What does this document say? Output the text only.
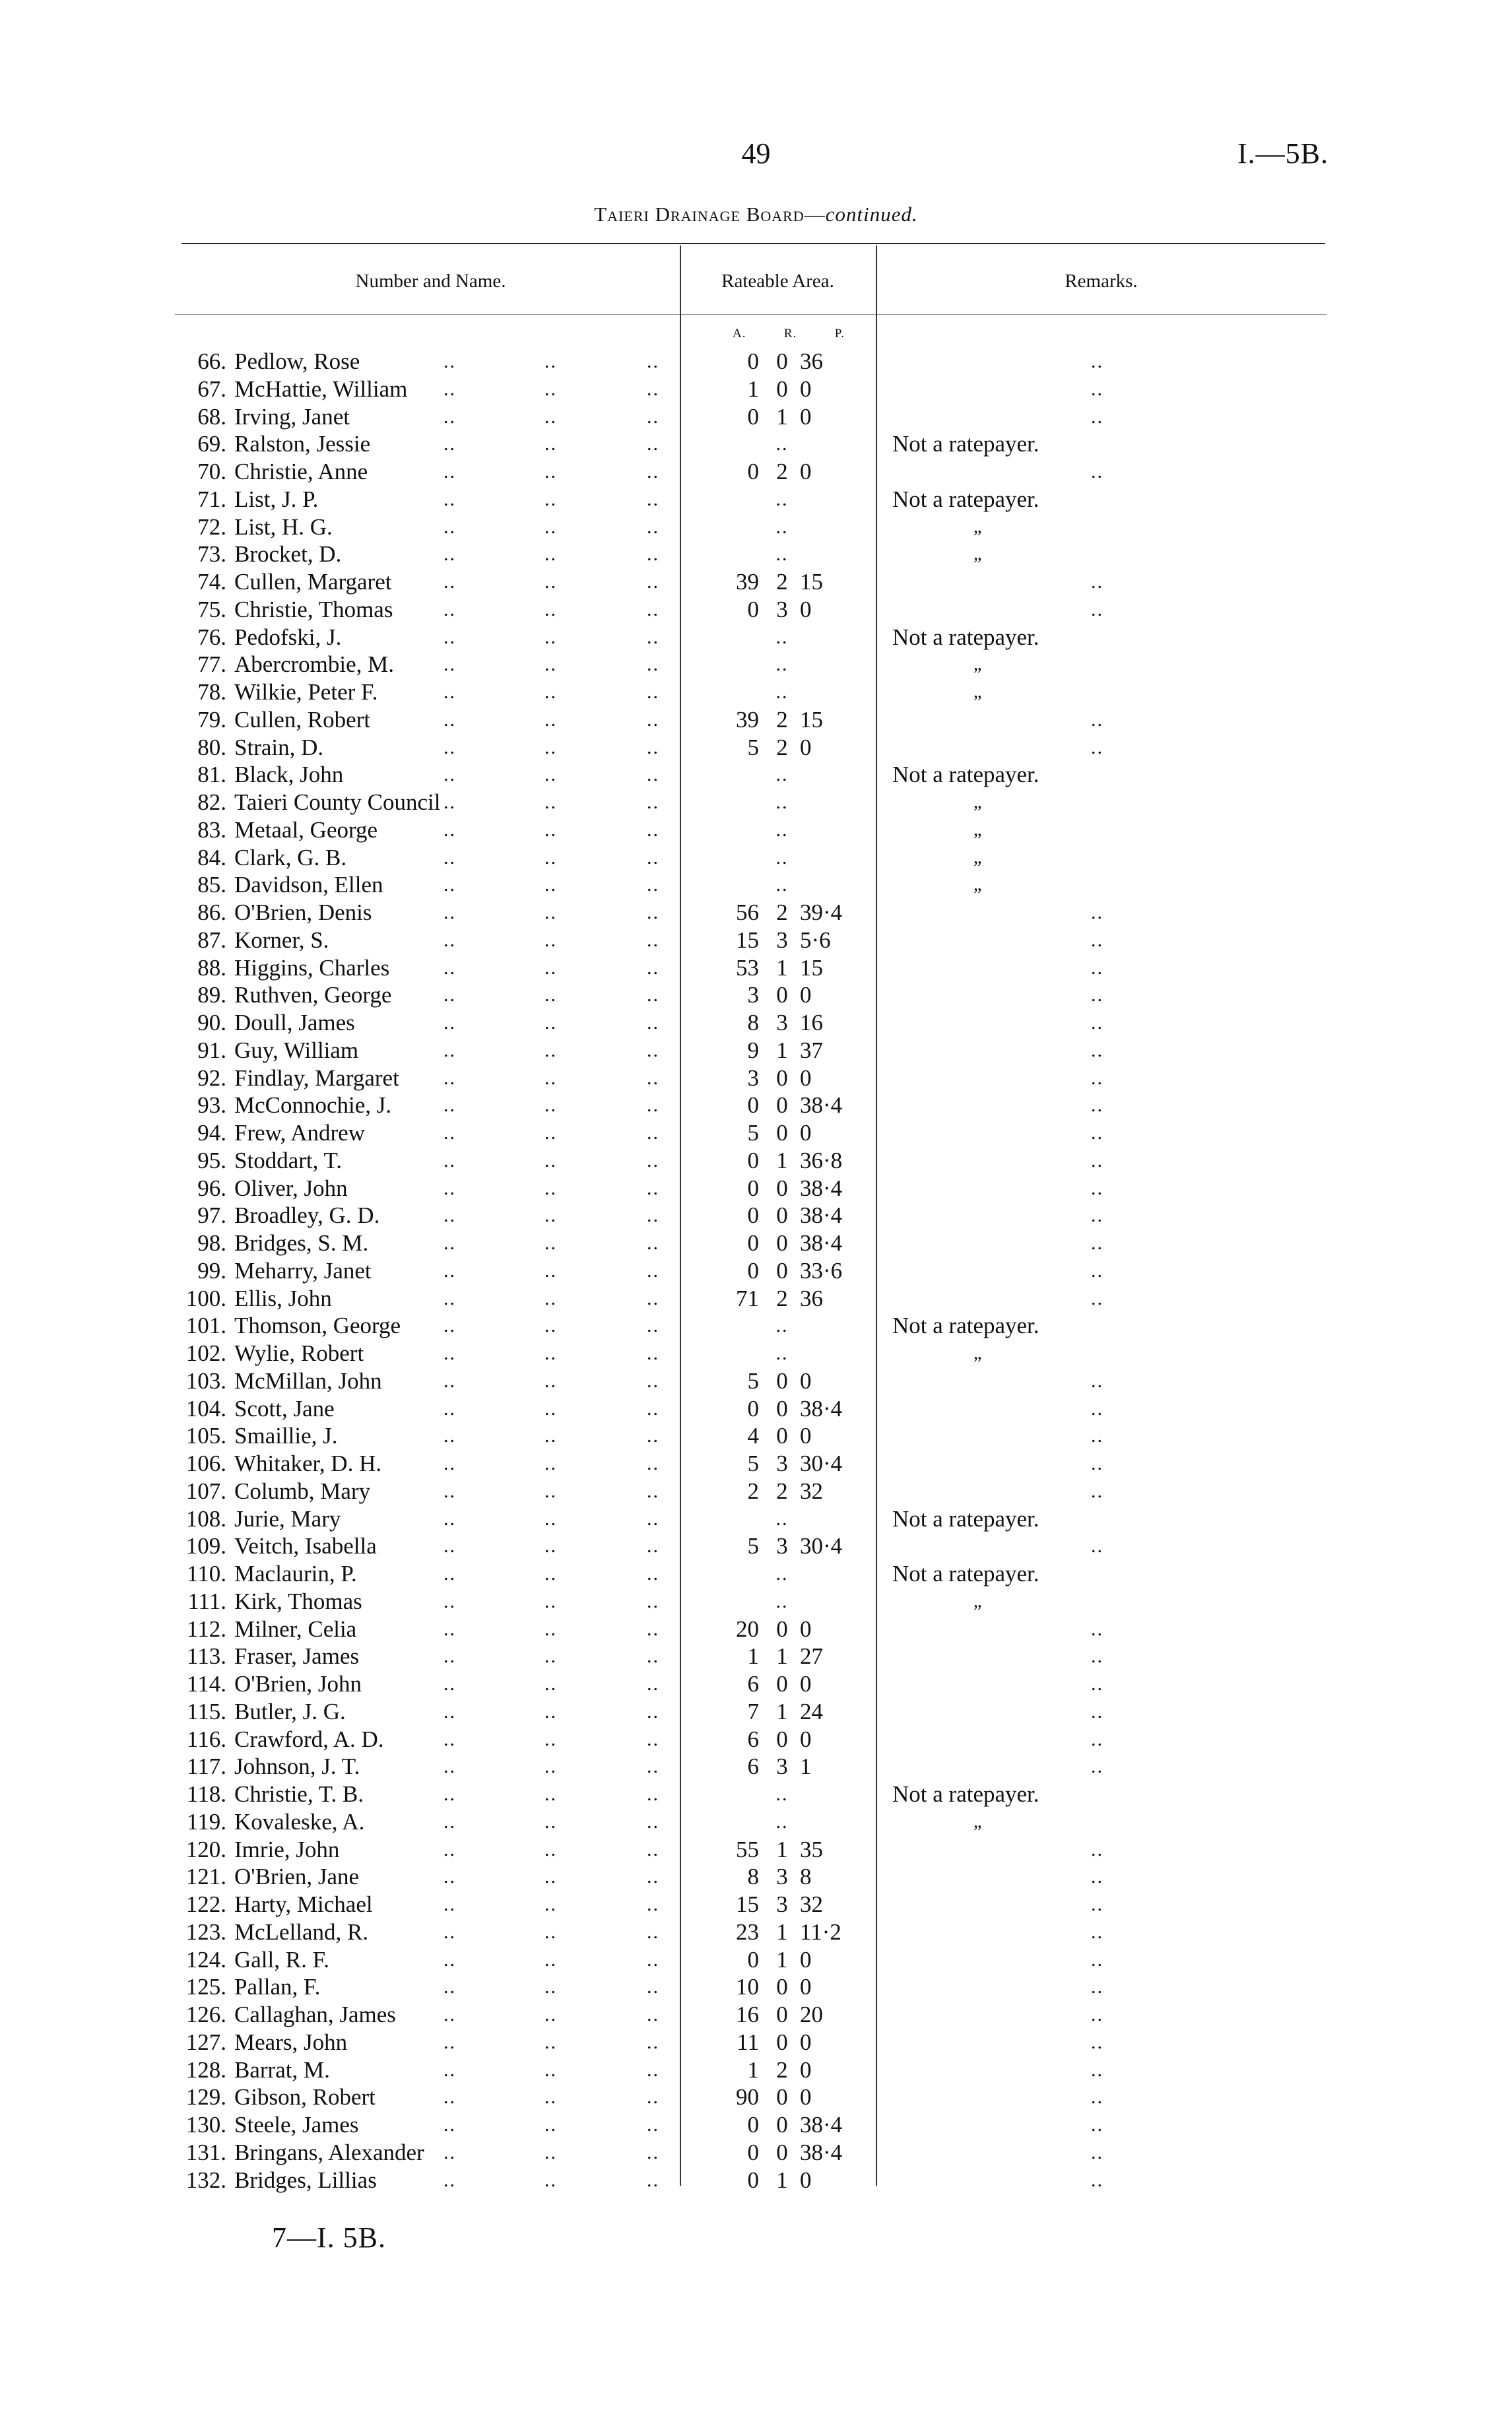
49	I.—5B.
Taieri Drainage Board—continued.
Number and Name.	Rateable Area.	Remarks.
A.	R.	P.
66. Pedlow, Rose	..	..	..	0 0 36	..
67. McHattie, William	..	..	..	1 0 0	..
68. Irving, Janet	..	..	..	0 1 0	..
69. Ralston, Jessie	..	..	..	..	Not a ratepayer.
70. Christie, Anne	..	..	..	0 2 0	..
71. List, J. P.	..	..	..	..	Not a ratepayer.
72. List, H. G.	..	..	..	..	„
73. Brocket, D.	..	..	..	..	„
74. Cullen, Margaret	..	..	..	39 2 15	..
75. Christie, Thomas	..	..	..	0 3 0	..
76. Pedofski, J.	..	..	..	..	Not a ratepayer.
77. Abercrombie, M.	..	..	..	..	„
78. Wilkie, Peter F.	..	..	..	..	„
79. Cullen, Robert	..	..	..	39 2 15	..
80. Strain, D.	..	..	..	5 2 0	..
81. Black, John	..	..	..	..	Not a ratepayer.
82. Taieri County Council ..	..	..	..	„
83. Metaal, George	..	..	..	..	„
84. Clark, G. B.	..	..	..	..	„
85. Davidson, Ellen	..	..	..	..	„
86. O'Brien, Denis	..	..	..	56 2 39·4	..
87. Korner, S.	..	..	..	15 3 5·6	..
88. Higgins, Charles	..	..	..	53 1 15	..
89. Ruthven, George	..	..	..	3 0 0	..
90. Doull, James	..	..	..	8 3 16	..
91. Guy, William	..	..	..	9 1 37	..
92. Findlay, Margaret	..	..	..	3 0 0	..
93. McConnochie, J.	..	..	..	0 0 38·4	..
94. Frew, Andrew	..	..	..	5 0 0	..
95. Stoddart, T.	..	..	..	0 1 36·8	..
96. Oliver, John	..	..	..	0 0 38·4	..
97. Broadley, G. D.	..	..	..	0 0 38·4	..
98. Bridges, S. M.	..	..	..	0 0 38·4	..
99. Meharry, Janet	..	..	..	0 0 33·6	..
100. Ellis, John	..	..	..	71 2 36	..
101. Thomson, George	..	..	..	..	Not a ratepayer.
102. Wylie, Robert	..	..	..	..	„
103. McMillan, John	..	..	..	5 0 0	..
104. Scott, Jane	..	..	..	0 0 38·4	..
105. Smaillie, J.	..	..	..	4 0 0	..
106. Whitaker, D. H.	..	..	..	5 3 30·4	..
107. Columb, Mary	..	..	..	2 2 32	..
108. Jurie, Mary	..	..	..	..	Not a ratepayer.
109. Veitch, Isabella	..	..	..	5 3 30·4	..
110. Maclaurin, P.	..	..	..	..	Not a ratepayer.
111. Kirk, Thomas	..	..	..	..	„
112. Milner, Celia	..	..	..	20 0 0	..
113. Fraser, James	..	..	..	1 1 27	..
114. O'Brien, John	..	..	..	6 0 0	..
115. Butler, J. G.	..	..	..	7 1 24	..
116. Crawford, A. D.	..	..	..	6 0 0	..
117. Johnson, J. T.	..	..	..	6 3 1	..
118. Christie, T. B.	..	..	..	..	Not a ratepayer.
119. Kovaleske, A.	..	..	..	..	„
120. Imrie, John	..	..	..	55 1 35	..
121. O'Brien, Jane	..	..	..	8 3 8	..
122. Harty, Michael	..	..	..	15 3 32	..
123. McLelland, R.	..	..	..	23 1 11·2	..
124. Gall, R. F.	..	..	..	0 1 0	..
125. Pallan, F.	..	..	..	10 0 0	..
126. Callaghan, James	..	..	..	16 0 20	..
127. Mears, John	..	..	..	11 0 0	..
128. Barrat, M.	..	..	..	1 2 0	..
129. Gibson, Robert	..	..	..	90 0 0	..
130. Steele, James	..	..	..	0 0 38·4	..
131. Bringans, Alexander ..	..	..	0 0 38·4	..
132. Bridges, Lillias	..	..	..	0 1 0	..
7—I. 5B.
